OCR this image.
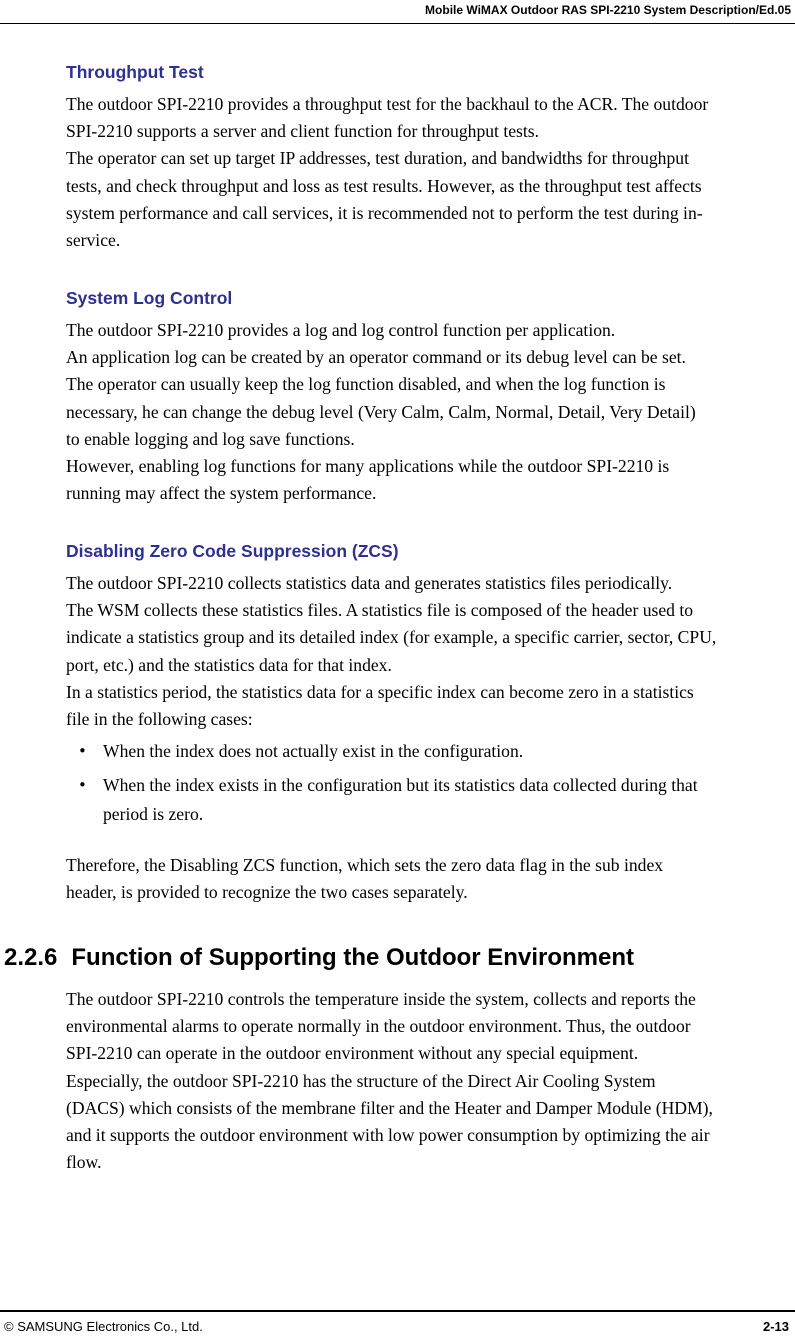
Mobile WiMAX Outdoor RAS SPI-2210 System Description/Ed.05
Throughput Test
The outdoor SPI-2210 provides a throughput test for the backhaul to the ACR. The outdoor
SPI-2210 supports a server and client function for throughput tests.
The operator can set up target IP addresses, test duration, and bandwidths for throughput
tests, and check throughput and loss as test results. However, as the throughput test affects
system performance and call services, it is recommended not to perform the test during in-
service.
System Log Control
The outdoor SPI-2210 provides a log and log control function per application.
An application log can be created by an operator command or its debug level can be set.
The operator can usually keep the log function disabled, and when the log function is
necessary, he can change the debug level (Very Calm, Calm, Normal, Detail, Very Detail)
to enable logging and log save functions.
However, enabling log functions for many applications while the outdoor SPI-2210 is
running may affect the system performance.
Disabling Zero Code Suppression (ZCS)
The outdoor SPI-2210 collects statistics data and generates statistics files periodically.
The WSM collects these statistics files. A statistics file is composed of the header used to
indicate a statistics group and its detailed index (for example, a specific carrier, sector, CPU,
port, etc.) and the statistics data for that index.
In a statistics period, the statistics data for a specific index can become zero in a statistics
file in the following cases:
• When the index does not actually exist in the configuration.
• When the index exists in the configuration but its statistics data collected during that
period is zero.
Therefore, the Disabling ZCS function, which sets the zero data flag in the sub index
header, is provided to recognize the two cases separately.
The outdoor SPI-2210 controls the temperature inside the system, collects and reports the
environmental alarms to operate normally in the outdoor environment. Thus, the outdoor
SPI-2210 can operate in the outdoor environment without any special equipment.
Especially, the outdoor SPI-2210 has the structure of the Direct Air Cooling System
(DACS) which consists of the membrane filter and the Heater and Damper Module (HDM),
and it supports the outdoor environment with low power consumption by optimizing the air
flow.
2.2.6 Function of Supporting the Outdoor Environment
© SAMSUNG Electronics Co., Ltd.	2-13
